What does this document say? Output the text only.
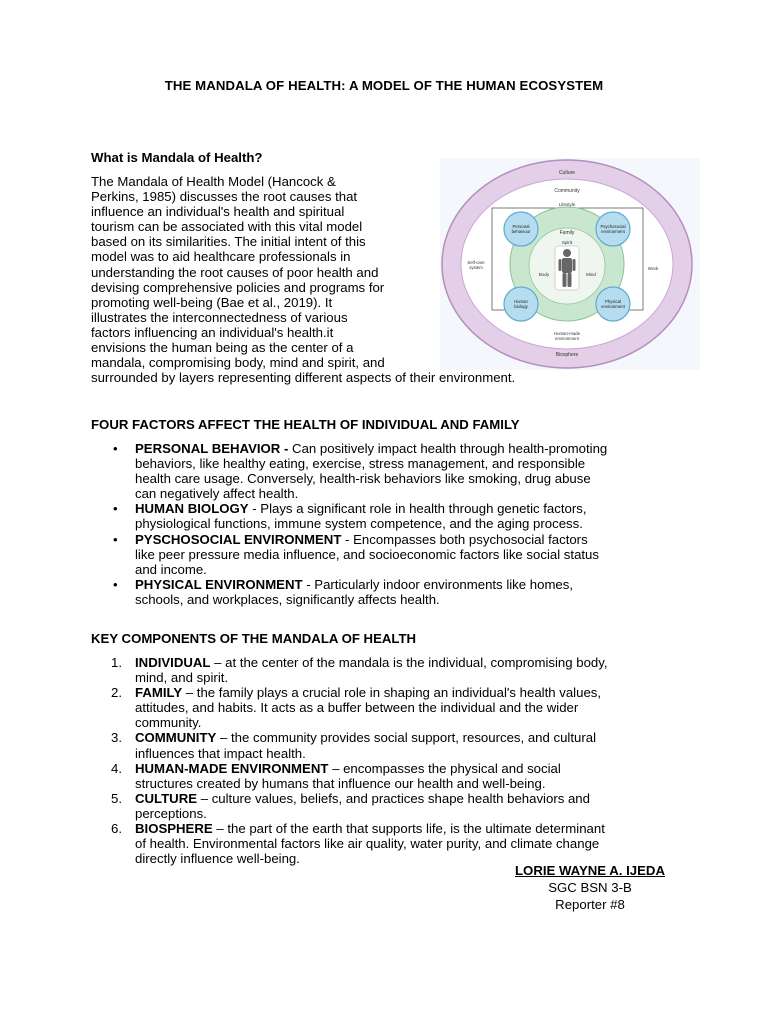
THE MANDALA OF HEALTH: A MODEL OF THE HUMAN ECOSYSTEM
What is Mandala of Health?
The Mandala of Health Model (Hancock &
Perkins, 1985) discusses the root causes that
influence an individual's health and spiritual
tourism can be associated with this vital model
based on its similarities. The initial intent of this
model was to aid healthcare professionals in
understanding the root causes of poor health and
devising comprehensive policies and programs for
promoting well-being (Bae et al., 2019). It
illustrates the interconnectedness of various
factors influencing an individual's health.it
envisions the human being as the center of a
mandala, compromising body, mind and spirit, and
surrounded by layers representing different aspects of their environment.
Culture
Community
Lifestyle
Family
Spirit
Body	Mind
Personal
behaviour
Psychosocial
environment
Human
biology
Physical
environment
Self-care
system	Work
Human-made
environment
Biosphere
FOUR FACTORS AFFECT THE HEALTH OF INDIVIDUAL AND FAMILY
• PERSONAL BEHAVIOR - Can positively impact health through health-promoting
behaviors, like healthy eating, exercise, stress management, and responsible
health care usage. Conversely, health-risk behaviors like smoking, drug abuse
can negatively affect health.
• HUMAN BIOLOGY - Plays a significant role in health through genetic factors,
physiological functions, immune system competence, and the aging process.
• PYSCHOSOCIAL ENVIRONMENT - Encompasses both psychosocial factors
like peer pressure media influence, and socioeconomic factors like social status
and income.
• PHYSICAL ENVIRONMENT - Particularly indoor environments like homes,
schools, and workplaces, significantly affects health.
KEY COMPONENTS OF THE MANDALA OF HEALTH
1. INDIVIDUAL – at the center of the mandala is the individual, compromising body,
mind, and spirit.
2. FAMILY – the family plays a crucial role in shaping an individual's health values,
attitudes, and habits. It acts as a buffer between the individual and the wider
community.
3. COMMUNITY – the community provides social support, resources, and cultural
influences that impact health.
4. HUMAN-MADE ENVIRONMENT – encompasses the physical and social
structures created by humans that influence our health and well-being.
5. CULTURE – culture values, beliefs, and practices shape health behaviors and
perceptions.
6. BIOSPHERE – the part of the earth that supports life, is the ultimate determinant
of health. Environmental factors like air quality, water purity, and climate change
directly influence well-being.
LORIE WAYNE A. IJEDA
SGC BSN 3-B
Reporter #8
